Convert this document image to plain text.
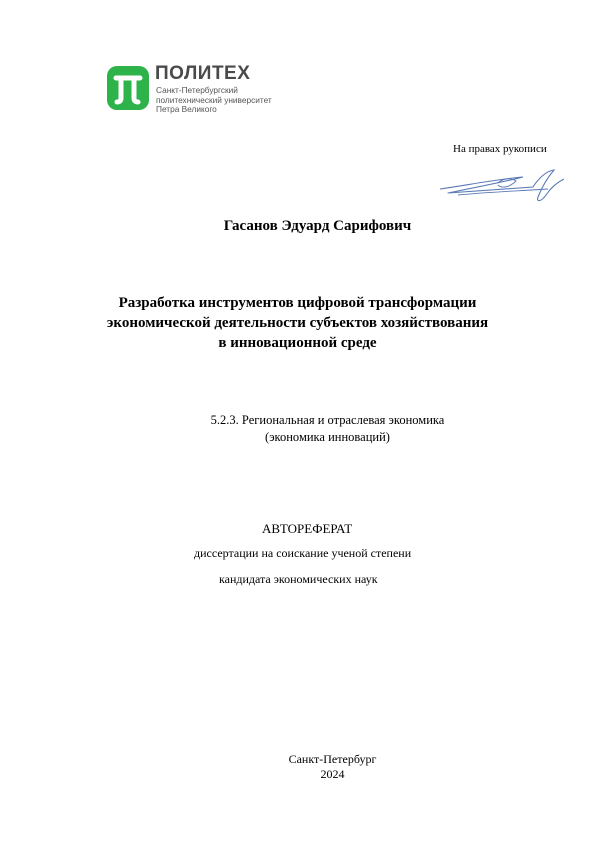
ПОЛИТЕХ
Санкт-Петербургский
политехнический университет
Петра Великого
На правах рукописи
Гасанов Эдуард Сарифович
Разработка инструментов цифровой трансформации
экономической деятельности субъектов хозяйствования
в инновационной среде
5.2.3. Региональная и отраслевая экономика
(экономика инноваций)
АВТОРЕФЕРАТ
диссертации на соискание ученой степени
кандидата экономических наук
Санкт-Петербург
2024
